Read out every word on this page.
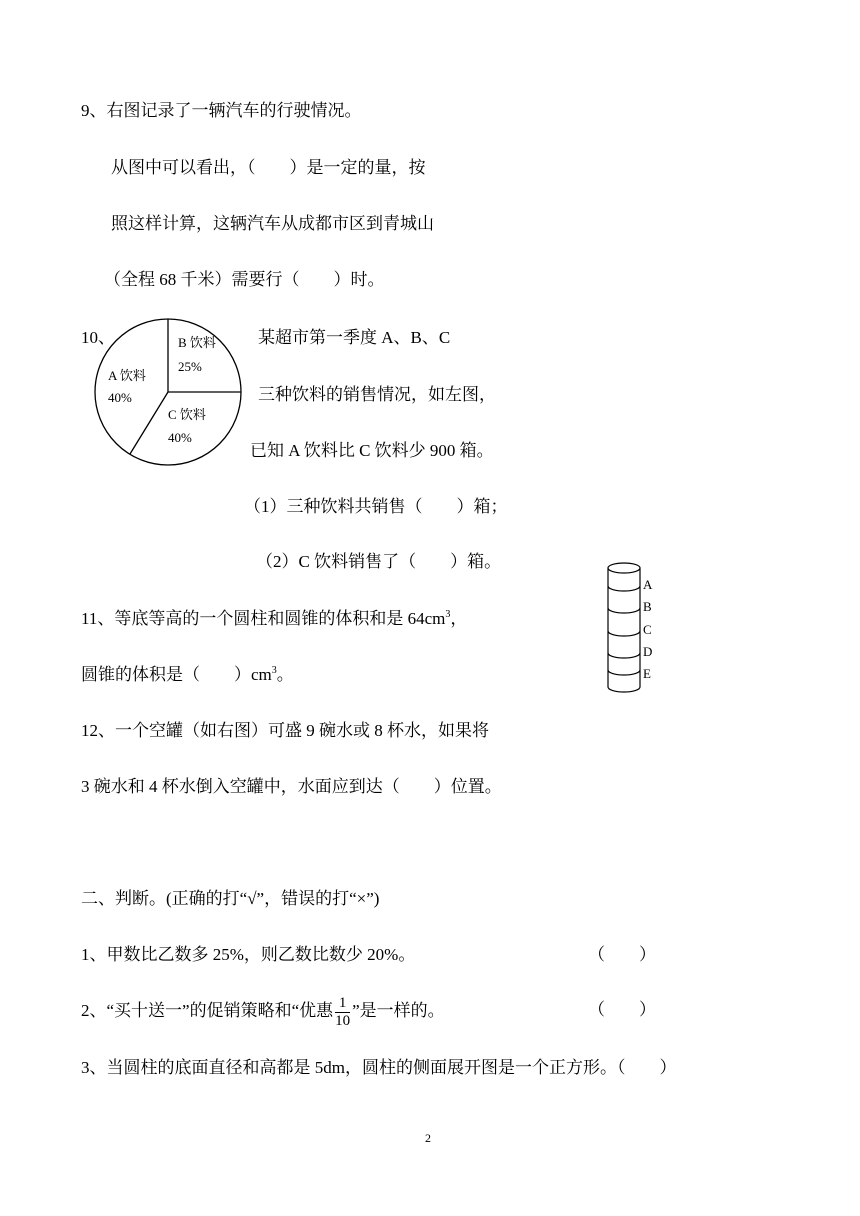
9、右图记录了一辆汽车的行驶情况。
从图中可以看出，（　　）是一定的量，按
照这样计算，这辆汽车从成都市区到青城山
（全程 68 千米）需要行（　　）时。
10、
A 饮料
40%
B 饮料
25%
C 饮料
40%
某超市第一季度 A、B、C
三种饮料的销售情况，如左图，
已知 A 饮料比 C 饮料少 900 箱。
（1）三种饮料共销售（　　）箱；
（2）C 饮料销售了（　　）箱。
A
B
C
D
E
11、等底等高的一个圆柱和圆锥的体积和是 $64cm^3$，
圆锥的体积是（　　）$cm^3$。
12、一个空罐（如右图）可盛 9 碗水或 8 杯水，如果将
3 碗水和 4 杯水倒入空罐中，水面应到达（　　）位置。
二、判断。(正确的打“√”，错误的打“×”)
1、甲数比乙数多 25%，则乙数比数少 20%。	（　　）
2、“买十送一”的促销策略和“优惠 $\frac{1}{10}$ ”是一样的。	（　　）
3、当圆柱的底面直径和高都是 5dm，圆柱的侧面展开图是一个正方形。（　　）
2
